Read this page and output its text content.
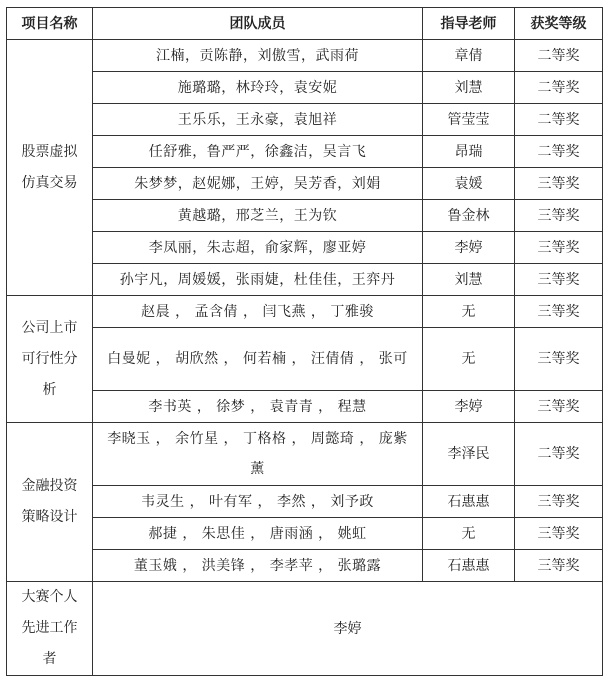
项目名称	团队成员	指导老师	获奖等级

股票虚拟
仿真交易	江楠，贡陈静，刘傲雪，武雨荷	章倩	二等奖
	施璐璐，林玲玲，袁安妮	刘慧	二等奖
	王乐乐，王永豪，袁旭祥	管莹莹	二等奖
	任舒雅，鲁严严，徐鑫洁，吴言飞	昂瑞	二等奖
	朱梦梦，赵妮娜，王婷，吴芳香，刘娟	袁媛	三等奖
	黄越璐，邢芝兰，王为钦	鲁金林	三等奖
	李凤丽，朱志超，俞家辉，廖亚婷	李婷	三等奖
	孙宇凡，周媛媛，张雨婕，杜佳佳，王弈丹	刘慧	三等奖

公司上市
可行性分
析	赵晨 ， 孟含倩 ， 闫飞燕 ， 丁雅骏	无	三等奖
	白曼妮 ， 胡欣然 ， 何若楠 ， 汪倩倩 ， 张可	无	三等奖
	李书英 ， 徐梦 ， 袁青青 ， 程慧	李婷	三等奖

金融投资
策略设计	李晓玉 ， 余竹星 ， 丁格格 ， 周懿琦 ， 庞紫薰	李泽民	二等奖
	韦灵生 ， 叶有军 ， 李然 ， 刘予政	石惠惠	三等奖
	郝捷 ， 朱思佳 ， 唐雨涵 ， 姚虹	无	三等奖
	董玉娥 ， 洪美锋 ， 李孝苹 ， 张璐露	石惠惠	三等奖

大赛个人
先进工作
者	李婷		
